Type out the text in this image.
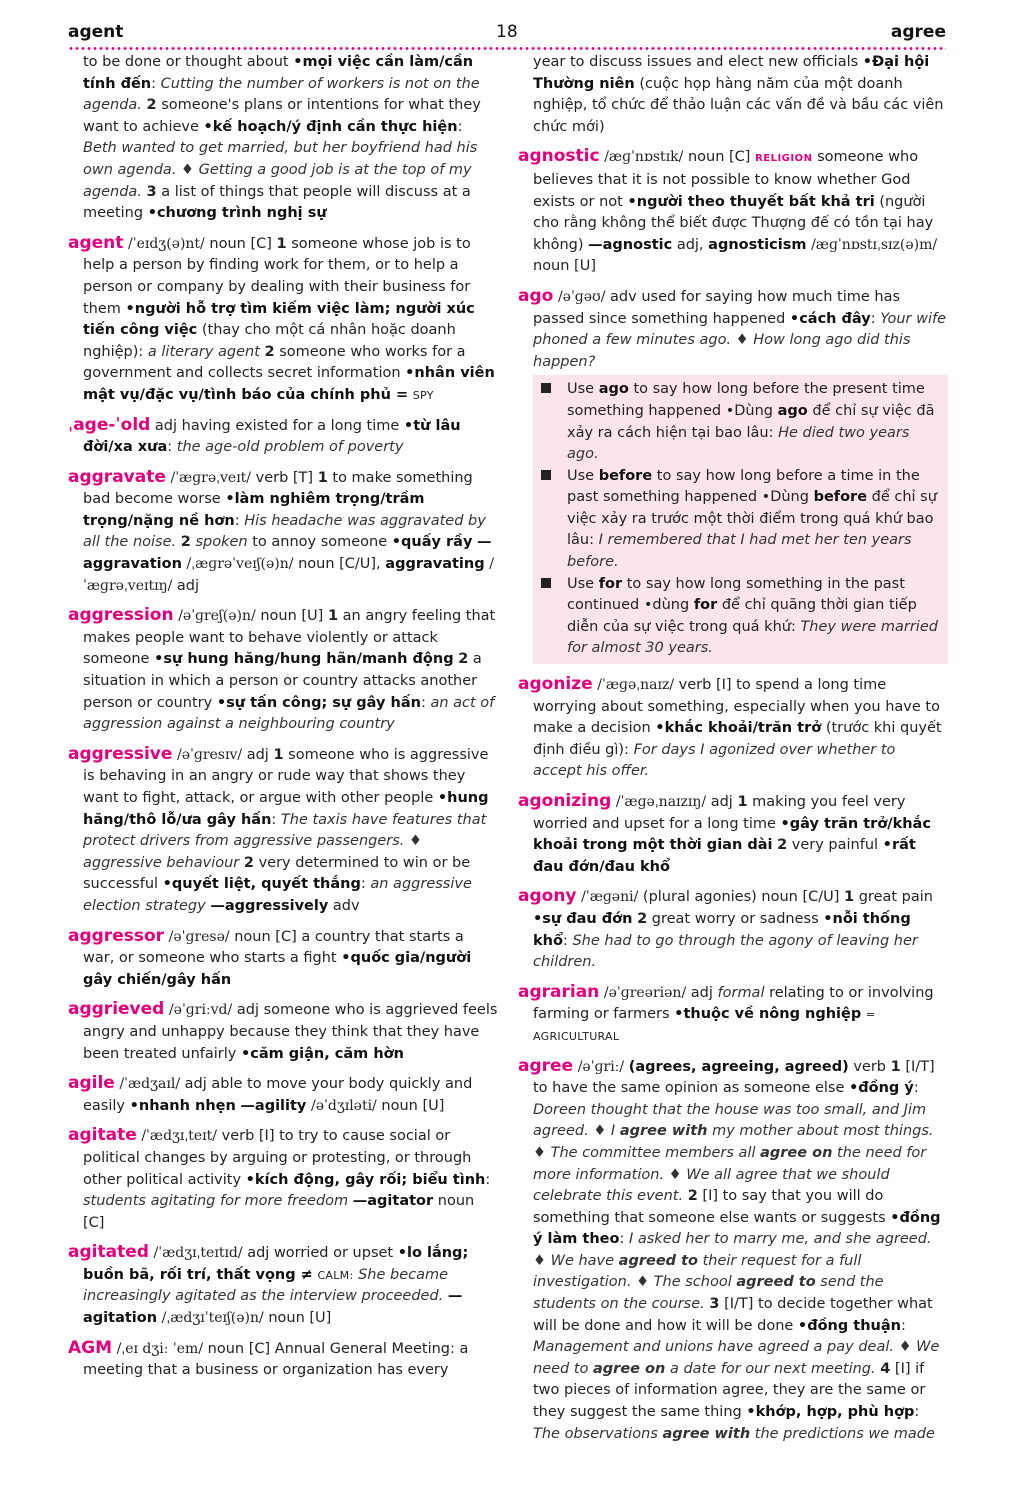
agent	18	agree
to be done or thought about •mọi việc cần làm/cần tính đến: Cutting the number of workers is not on the agenda. 2 someone's plans or intentions for what they want to achieve •kế hoạch/ý định cần thực hiện: Beth wanted to get married, but her boyfriend had his own agenda. ♦ Getting a good job is at the top of my agenda. 3 a list of things that people will discuss at a meeting •chương trình nghị sự
agent /ˈeɪdʒ(ə)nt/ noun [C] 1 someone whose job is to help a person by finding work for them, or to help a person or company by dealing with their business for them •người hỗ trợ tìm kiếm việc làm; người xúc tiến công việc (thay cho một cá nhân hoặc doanh nghiệp): a literary agent 2 someone who works for a government and collects secret information •nhân viên mật vụ/đặc vụ/tình báo của chính phủ = SPY
ˌage-ˈold adj having existed for a long time •từ lâu đời/xa xưa: the age-old problem of poverty
aggravate /ˈæɡrəˌveɪt/ verb [T] 1 to make something bad become worse •làm nghiêm trọng/trầm trọng/nặng nề hơn: His headache was aggravated by all the noise. 2 spoken to annoy someone •quấy rầy —aggravation /ˌæɡrəˈveɪʃ(ə)n/ noun [C/U], aggravating /ˈæɡrəˌveɪtɪŋ/ adj
aggression /əˈɡreʃ(ə)n/ noun [U] 1 an angry feeling that makes people want to behave violently or attack someone •sự hung hăng/hung hãn/manh động 2 a situation in which a person or country attacks another person or country •sự tấn công; sự gây hấn: an act of aggression against a neighbouring country
aggressive /əˈɡresɪv/ adj 1 someone who is aggressive is behaving in an angry or rude way that shows they want to fight, attack, or argue with other people •hung hăng/thô lỗ/ưa gây hấn: The taxis have features that protect drivers from aggressive passengers. ♦ aggressive behaviour 2 very determined to win or be successful •quyết liệt, quyết thắng: an aggressive election strategy —aggressively adv
aggressor /əˈɡresə/ noun [C] a country that starts a war, or someone who starts a fight •quốc gia/người gây chiến/gây hấn
aggrieved /əˈɡriːvd/ adj someone who is aggrieved feels angry and unhappy because they think that they have been treated unfairly •căm giận, căm hờn
agile /ˈædʒaɪl/ adj able to move your body quickly and easily •nhanh nhẹn —agility /əˈdʒɪləti/ noun [U]
agitate /ˈædʒɪˌteɪt/ verb [I] to try to cause social or political changes by arguing or protesting, or through other political activity •kích động, gây rối; biểu tình: students agitating for more freedom —agitator noun [C]
agitated /ˈædʒɪˌteɪtɪd/ adj worried or upset •lo lắng; buồn bã, rối trí, thất vọng ≠ CALM: She became increasingly agitated as the interview proceeded. —agitation /ˌædʒɪˈteɪʃ(ə)n/ noun [U]
AGM /ˌeɪ dʒiː ˈem/ noun [C] Annual General Meeting: a meeting that a business or organization has every
year to discuss issues and elect new officials •Đại hội Thường niên (cuộc họp hàng năm của một doanh nghiệp, tổ chức để thảo luận các vấn đề và bầu các viên chức mới)
agnostic /æɡˈnɒstɪk/ noun [C] RELIGION someone who believes that it is not possible to know whether God exists or not •người theo thuyết bất khả tri (người cho rằng không thể biết được Thượng đế có tồn tại hay không) —agnostic adj, agnosticism /æɡˈnɒstɪˌsɪz(ə)m/ noun [U]
ago /əˈɡəʊ/ adv used for saying how much time has passed since something happened •cách đây: Your wife phoned a few minutes ago. ♦ How long ago did this happen?
Use ago to say how long before the present time something happened •Dùng ago để chỉ sự việc đã xảy ra cách hiện tại bao lâu: He died two years ago.
Use before to say how long before a time in the past something happened •Dùng before để chỉ sự việc xảy ra trước một thời điểm trong quá khứ bao lâu: I remembered that I had met her ten years before.
Use for to say how long something in the past continued •dùng for để chỉ quãng thời gian tiếp diễn của sự việc trong quá khứ: They were married for almost 30 years.
agonize /ˈæɡəˌnaɪz/ verb [I] to spend a long time worrying about something, especially when you have to make a decision •khắc khoải/trăn trở (trước khi quyết định điều gì): For days I agonized over whether to accept his offer.
agonizing /ˈæɡəˌnaɪzɪŋ/ adj 1 making you feel very worried and upset for a long time •gây trăn trở/khắc khoải trong một thời gian dài 2 very painful •rất đau đớn/đau khổ
agony /ˈæɡəni/ (plural agonies) noun [C/U] 1 great pain •sự đau đớn 2 great worry or sadness •nỗi thống khổ: She had to go through the agony of leaving her children.
agrarian /əˈɡreəriən/ adj formal relating to or involving farming or farmers •thuộc về nông nghiệp = AGRICULTURAL
agree /əˈɡriː/ (agrees, agreeing, agreed) verb 1 [I/T] to have the same opinion as someone else •đồng ý: Doreen thought that the house was too small, and Jim agreed. ♦ I agree with my mother about most things. ♦ The committee members all agree on the need for more information. ♦ We all agree that we should celebrate this event. 2 [I] to say that you will do something that someone else wants or suggests •đồng ý làm theo: I asked her to marry me, and she agreed. ♦ We have agreed to their request for a full investigation. ♦ The school agreed to send the students on the course. 3 [I/T] to decide together what will be done and how it will be done •đồng thuận: Management and unions have agreed a pay deal. ♦ We need to agree on a date for our next meeting. 4 [I] if two pieces of information agree, they are the same or they suggest the same thing •khớp, hợp, phù hợp: The observations agree with the predictions we made
